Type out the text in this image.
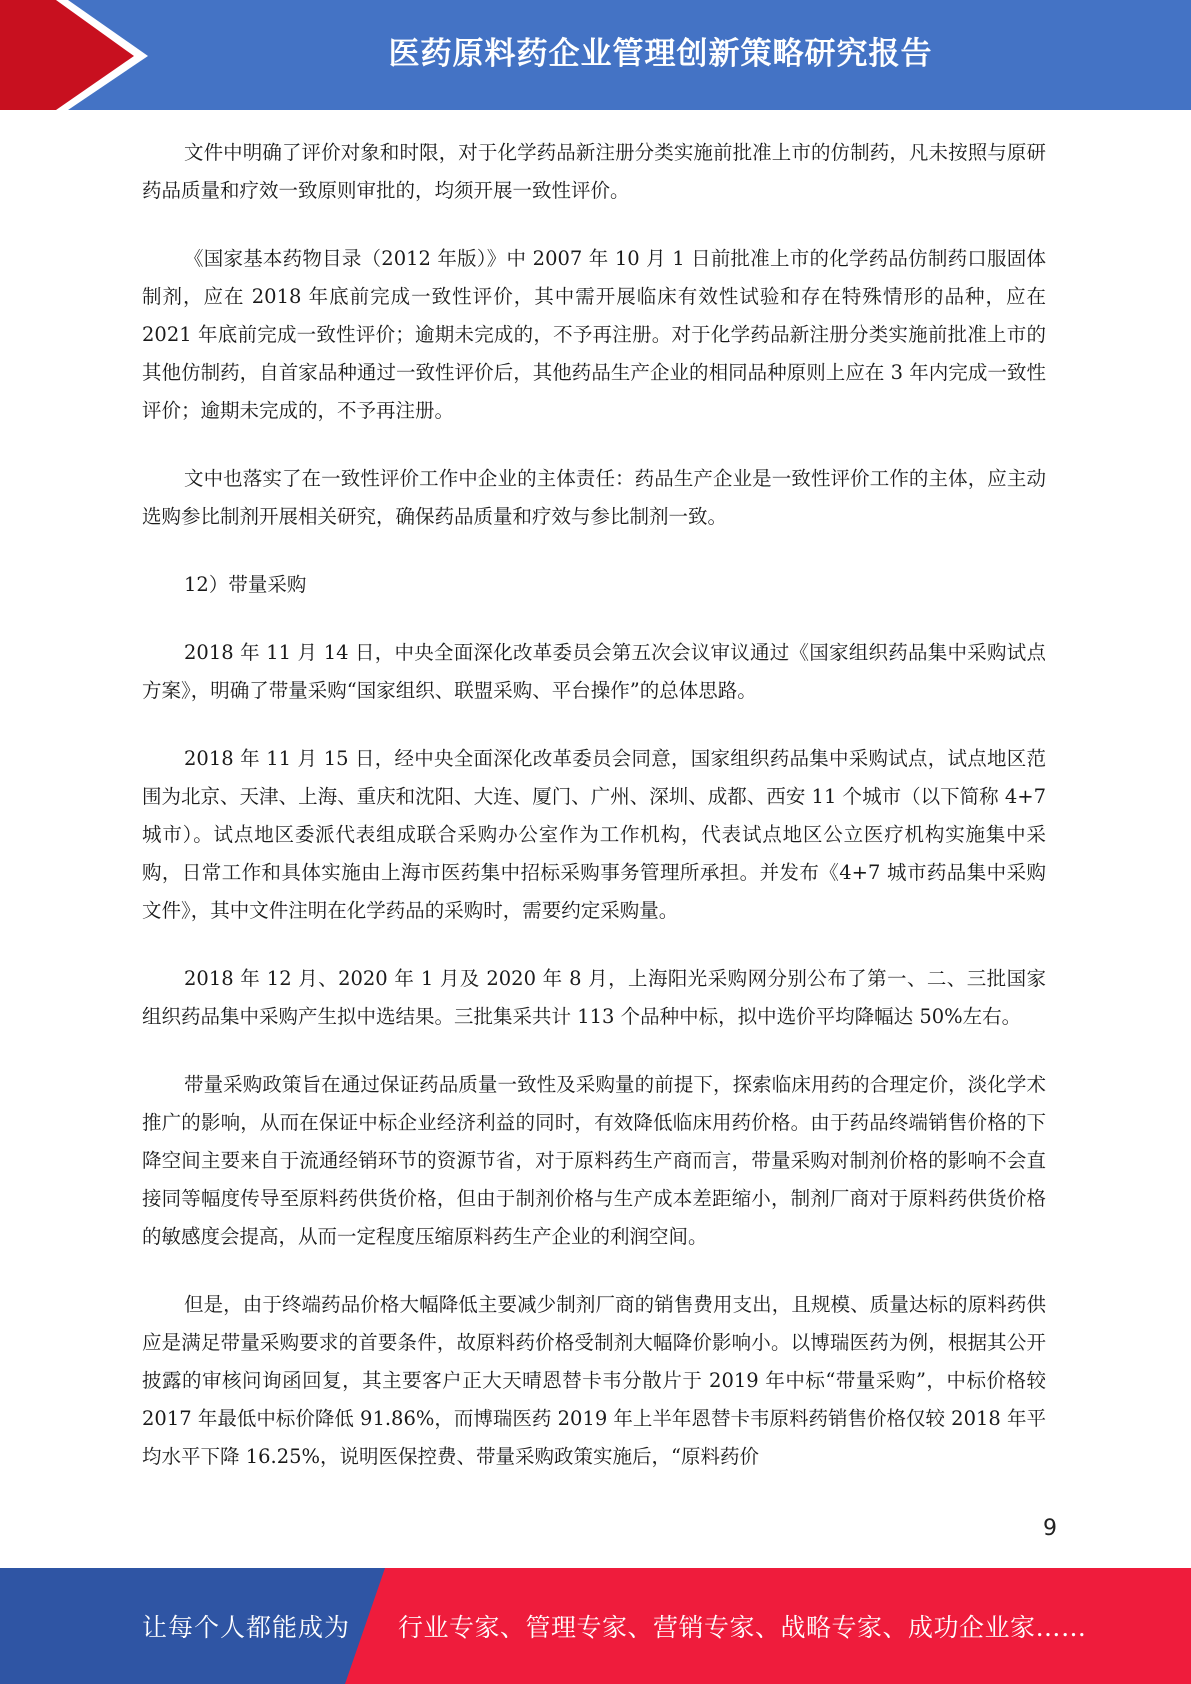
医药原料药企业管理创新策略研究报告

文件中明确了评价对象和时限，对于化学药品新注册分类实施前批准上市的仿制药，凡未按照与原研药品质量和疗效一致原则审批的，均须开展一致性评价。

《国家基本药物目录（2012 年版）》中 2007 年 10 月 1 日前批准上市的化学药品仿制药口服固体制剂，应在 2018 年底前完成一致性评价，其中需开展临床有效性试验和存在特殊情形的品种，应在 2021 年底前完成一致性评价；逾期未完成的，不予再注册。对于化学药品新注册分类实施前批准上市的其他仿制药，自首家品种通过一致性评价后，其他药品生产企业的相同品种原则上应在 3 年内完成一致性评价；逾期未完成的，不予再注册。

文中也落实了在一致性评价工作中企业的主体责任：药品生产企业是一致性评价工作的主体，应主动选购参比制剂开展相关研究，确保药品质量和疗效与参比制剂一致。

12）带量采购

2018 年 11 月 14 日，中央全面深化改革委员会第五次会议审议通过《国家组织药品集中采购试点方案》，明确了带量采购“国家组织、联盟采购、平台操作”的总体思路。

2018 年 11 月 15 日，经中央全面深化改革委员会同意，国家组织药品集中采购试点，试点地区范围为北京、天津、上海、重庆和沈阳、大连、厦门、广州、深圳、成都、西安 11 个城市（以下简称 4+7 城市）。试点地区委派代表组成联合采购办公室作为工作机构，代表试点地区公立医疗机构实施集中采购，日常工作和具体实施由上海市医药集中招标采购事务管理所承担。并发布《4+7 城市药品集中采购文件》，其中文件注明在化学药品的采购时，需要约定采购量。

2018 年 12 月、2020 年 1 月及 2020 年 8 月，上海阳光采购网分别公布了第一、二、三批国家组织药品集中采购产生拟中选结果。三批集采共计 113 个品种中标，拟中选价平均降幅达 50%左右。

带量采购政策旨在通过保证药品质量一致性及采购量的前提下，探索临床用药的合理定价，淡化学术推广的影响，从而在保证中标企业经济利益的同时，有效降低临床用药价格。由于药品终端销售价格的下降空间主要来自于流通经销环节的资源节省，对于原料药生产商而言，带量采购对制剂价格的影响不会直接同等幅度传导至原料药供货价格，但由于制剂价格与生产成本差距缩小，制剂厂商对于原料药供货价格的敏感度会提高，从而一定程度压缩原料药生产企业的利润空间。

但是，由于终端药品价格大幅降低主要减少制剂厂商的销售费用支出，且规模、质量达标的原料药供应是满足带量采购要求的首要条件，故原料药价格受制剂大幅降价影响小。以博瑞医药为例，根据其公开披露的审核问询函回复，其主要客户正大天晴恩替卡韦分散片于 2019 年中标“带量采购”，中标价格较 2017 年最低中标价降低 91.86%，而博瑞医药 2019 年上半年恩替卡韦原料药销售价格仅较 2018 年平均水平下降 16.25%，说明医保控费、带量采购政策实施后，“原料药价

9
让每个人都能成为 行业专家、管理专家、营销专家、战略专家、成功企业家……
